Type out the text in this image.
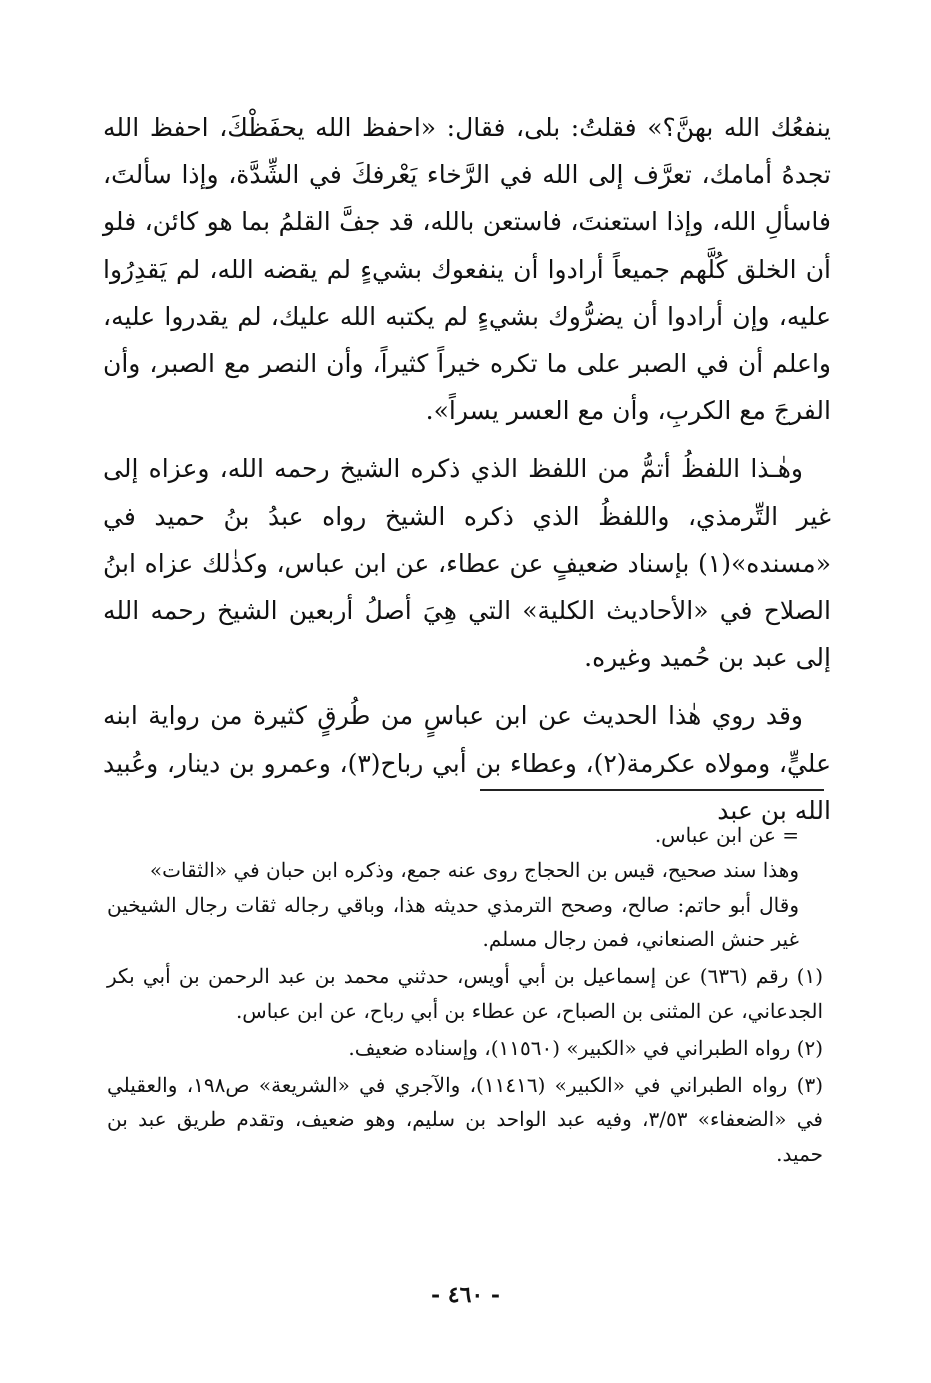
ينفعُك الله بهنَّ؟» فقلتُ: بلى، فقال: «احفظ الله يحفَظْكَ، احفظ الله تجدهُ أمامك، تعرَّف إلى الله في الرَّخاء يَعْرفكَ في الشِّدَّة، وإذا سألتَ، فاسألِ الله، وإذا استعنتَ، فاستعن بالله، قد جفَّ القلمُ بما هو كائن، فلو أن الخلق كُلَّهم جميعاً أرادوا أن ينفعوك بشيءٍ لم يقضه الله، لم يَقدِرُوا عليه، وإن أرادوا أن يضرُّوك بشيءٍ لم يكتبه الله عليك، لم يقدروا عليه، واعلم أن في الصبر على ما تكره خيراً كثيراً، وأن النصر مع الصبر، وأن الفرجَ مع الكربِ، وأن مع العسر يسراً».

وهٰـذا اللفظُ أتمُّ من اللفظ الذي ذكره الشيخ رحمه الله، وعزاه إلى غير التِّرمذي، واللفظُ الذي ذكره الشيخ رواه عبدُ بنُ حميد في «مسنده»(١) بإسناد ضعيفٍ عن عطاء، عن ابن عباس، وكذٰلك عزاه ابنُ الصلاح في «الأحاديث الكلية» التي هِيَ أصلُ أربعين الشيخ رحمه الله إلى عبد بن حُميد وغيره.

وقد روي هٰذا الحديث عن ابن عباسٍ من طُرقٍ كثيرة من رواية ابنه عليٍّ، ومولاه عكرمة(٢)، وعطاء بن أبي رباح(٣)، وعمرو بن دينار، وعُبيد الله بن عبد

= عن ابن عباس.

وهذا سند صحيح، قيس بن الحجاج روى عنه جمع، وذكره ابن حبان في «الثقات»

وقال أبو حاتم: صالح، وصحح الترمذي حديثه هذا، وباقي رجاله ثقات رجال الشيخين غير حنش الصنعاني، فمن رجال مسلم.

(١) رقم (٦٣٦) عن إسماعيل بن أبي أويس، حدثني محمد بن عبد الرحمن بن أبي بكر الجدعاني، عن المثنى بن الصباح، عن عطاء بن أبي رباح، عن ابن عباس.

(٢) رواه الطبراني في «الكبير» (١١٥٦٠)، وإسناده ضعيف.

(٣) رواه الطبراني في «الكبير» (١١٤١٦)، والآجري في «الشريعة» ص١٩٨، والعقيلي في «الضعفاء» ٣/٥٣، وفيه عبد الواحد بن سليم، وهو ضعيف، وتقدم طريق عبد بن حميد.

- ٤٦٠ -
